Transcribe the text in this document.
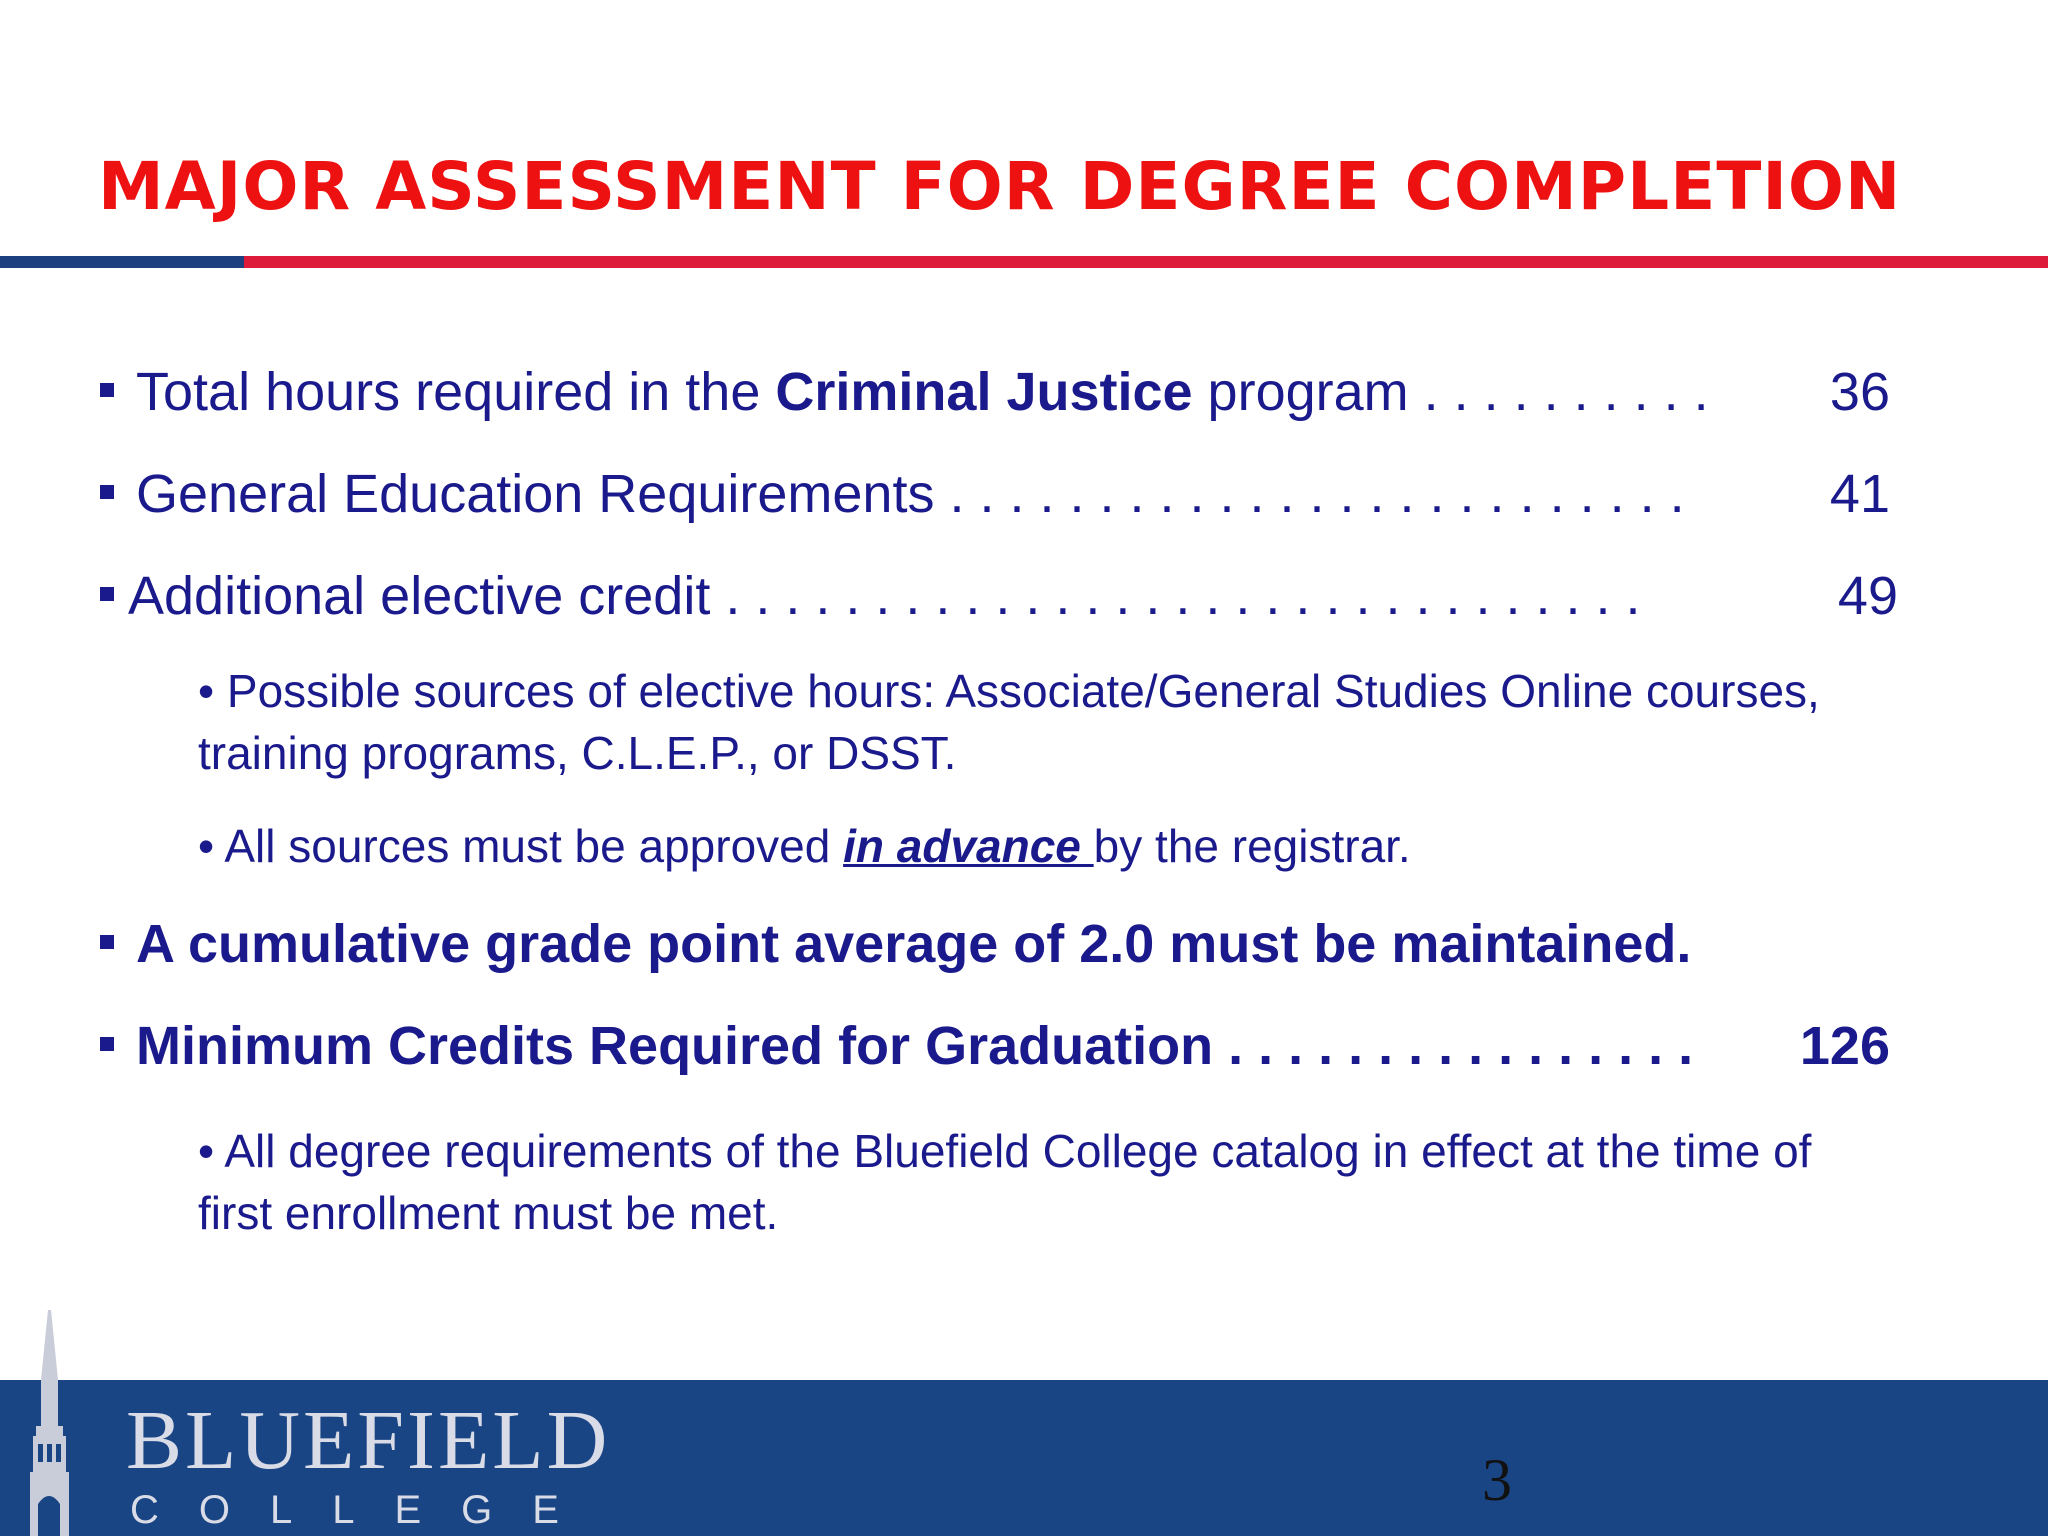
MAJOR ASSESSMENT FOR DEGREE COMPLETION
Total hours required in the Criminal Justice program . . . . . . . . . . 36
General Education Requirements . . . . . . . . . . . . . . . . . . . . . . . . .	41
Additional elective credit . . . . . . . . . . . . . . . . . . . . . . . . . . . . . . .	49
• Possible sources of elective hours: Associate/General Studies Online courses, training programs, C.L.E.P., or DSST.
• All sources must be approved in advance by the registrar.
A cumulative grade point average of 2.0 must be maintained.
Minimum Credits Required for Graduation . . . . . . . . . . . . . . . . 126
• All degree requirements of the Bluefield College catalog in effect at the time of first enrollment must be met.
BLUEFIELD
COLLEGE	3
